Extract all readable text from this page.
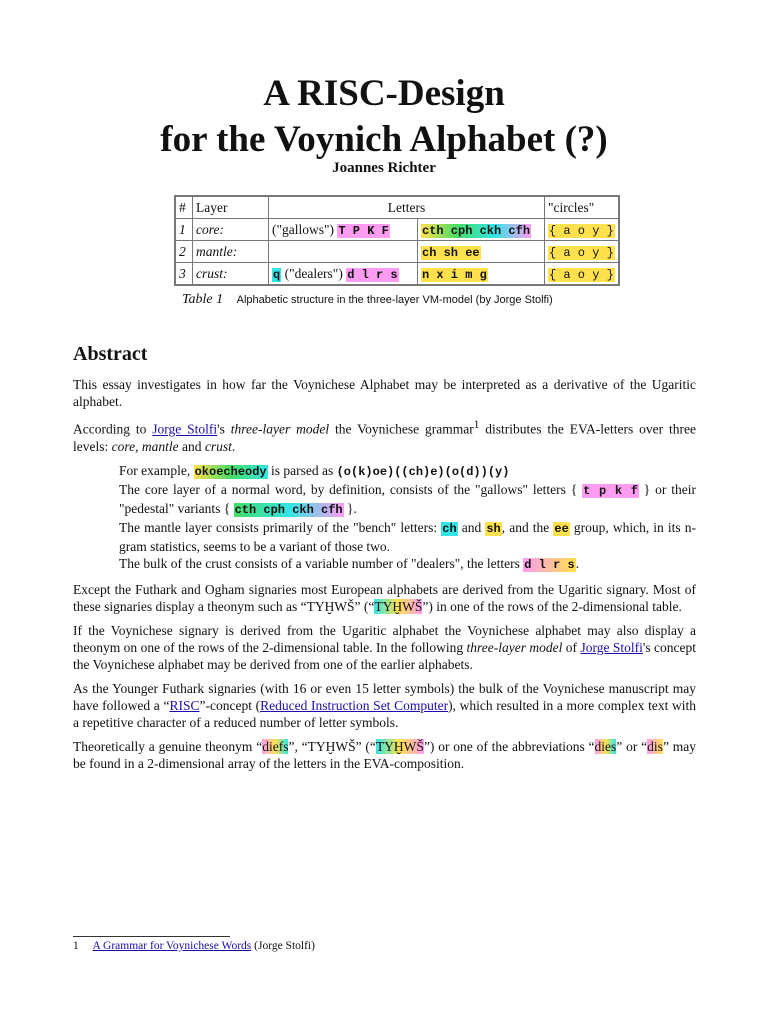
A RISC-Design
for the Voynich Alphabet (?)
Joannes Richter
#	Layer	Letters		"circles"
1	core:	("gallows") T P K F	cth cph ckh cfh	{ a o y }
2	mantle:		ch sh ee	{ a o y }
3	crust:	q ("dealers") d l r s	n x i m g	{ a o y }
Table 1 Alphabetic structure in the three-layer VM-model (by Jorge Stolfi)
Abstract

This essay investigates in how far the Voynichese Alphabet may be interpreted as a derivative of the Ugaritic alphabet.

According to Jorge Stolfi's three-layer model the Voynichese grammar$^1$ distributes the EVA-letters over three levels: core, mantle and crust.

For example, okoecheody is parsed as (o(k)oe)((ch)e)(o(d))(y)
The core layer of a normal word, by definition, consists of the "gallows" letters { t p k f } or their "pedestal" variants { cth cph ckh cfh }.
The mantle layer consists primarily of the "bench" letters: ch and sh, and the ee group, which, in its n-gram statistics, seems to be a variant of those two.
The bulk of the crust consists of a variable number of "dealers", the letters d l r s.

Except the Futhark and Ogham signaries most European alphabets are derived from the Ugaritic signary. Most of these signaries display a theonym such as “TYḪWŠ” (“TYḪWŠ”) in one of the rows of the 2-dimensional table.

If the Voynichese signary is derived from the Ugaritic alphabet the Voynichese alphabet may also display a theonym on one of the rows of the 2-dimensional table. In the following three-layer model of Jorge Stolfi's concept the Voynichese alphabet may be derived from one of the earlier alphabets.

As the Younger Futhark signaries (with 16 or even 15 letter symbols) the bulk of the Voynichese manuscript may have followed a “RISC”-concept (Reduced Instruction Set Computer), which resulted in a more complex text with a repetitive character of a reduced number of letter symbols.

Theoretically a genuine theonym “diefs”, “TYḪWŠ” (“TYḪWŠ”) or one of the abbreviations “dies” or “dis” may be found in a 2-dimensional array of the letters in the EVA-composition.

1 A Grammar for Voynichese Words (Jorge Stolfi)
